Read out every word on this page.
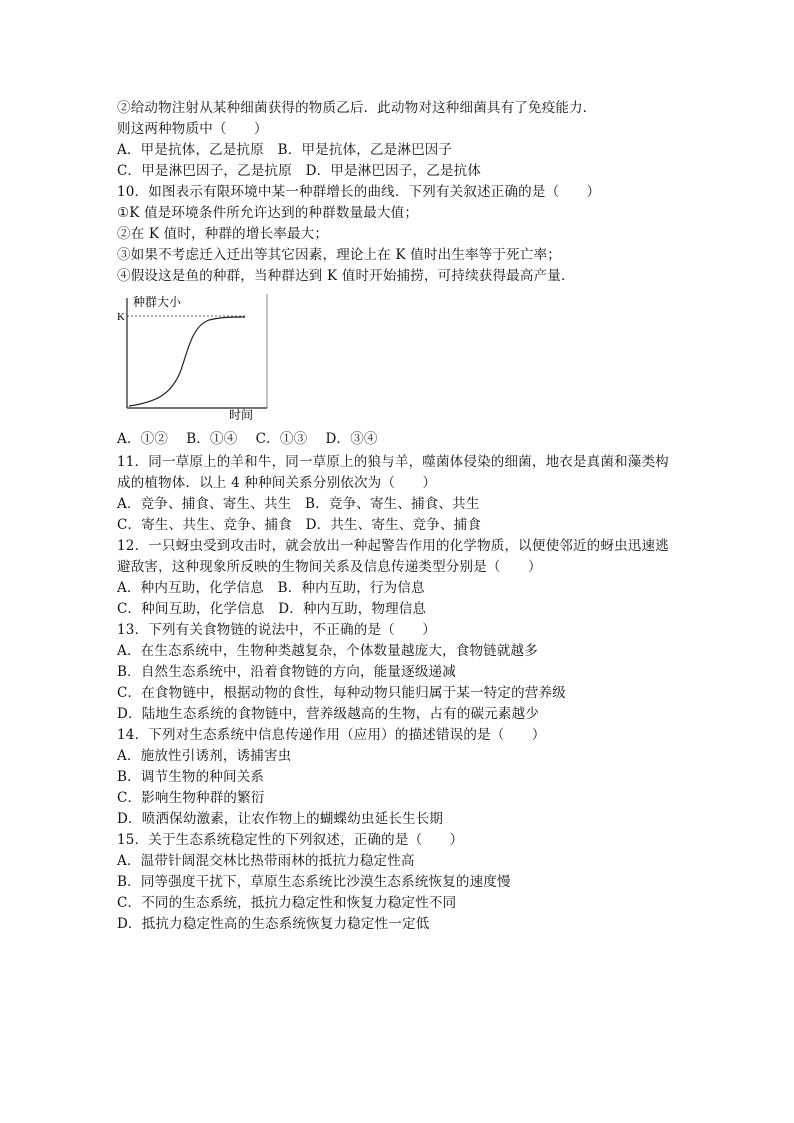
②给动物注射从某种细菌获得的物质乙后．此动物对这种细菌具有了免疫能力．
则这两种物质中（　　）
A．甲是抗体，乙是抗原　B．甲是抗体，乙是淋巴因子
C．甲是淋巴因子，乙是抗原　D．甲是淋巴因子，乙是抗体
10．如图表示有限环境中某一种群增长的曲线．下列有关叙述正确的是（　　）
①K 值是环境条件所允许达到的种群数量最大值；
②在 K 值时，种群的增长率最大；
③如果不考虑迁入迁出等其它因素，理论上在 K 值时出生率等于死亡率；
④假设这是鱼的种群，当种群达到 K 值时开始捕捞，可持续获得最高产量．
种群大小
K
时间
A．①②　 B．①④　 C．①③　 D．③④
11．同一草原上的羊和牛，同一草原上的狼与羊，噬菌体侵染的细菌，地衣是真菌和藻类构
成的植物体．以上 4 种种间关系分别依次为（　　）
A．竞争、捕食、寄生、共生　B．竞争、寄生、捕食、共生
C．寄生、共生、竞争、捕食　D．共生、寄生、竞争、捕食
12．一只蚜虫受到攻击时，就会放出一种起警告作用的化学物质，以便使邻近的蚜虫迅速逃
避敌害，这种现象所反映的生物间关系及信息传递类型分别是（　　）
A．种内互助，化学信息　B．种内互助，行为信息
C．种间互助，化学信息　D．种内互助，物理信息
13．下列有关食物链的说法中，不正确的是（　　）
A．在生态系统中，生物种类越复杂，个体数量越庞大，食物链就越多
B．自然生态系统中，沿着食物链的方向，能量逐级递减
C．在食物链中，根据动物的食性，每种动物只能归属于某一特定的营养级
D．陆地生态系统的食物链中，营养级越高的生物，占有的碳元素越少
14．下列对生态系统中信息传递作用（应用）的描述错误的是（　　）
A．施放性引诱剂，诱捕害虫
B．调节生物的种间关系
C．影响生物种群的繁衍
D．喷洒保幼激素，让农作物上的蝴蝶幼虫延长生长期
15．关于生态系统稳定性的下列叙述，正确的是（　　）
A．温带针阔混交林比热带雨林的抵抗力稳定性高
B．同等强度干扰下，草原生态系统比沙漠生态系统恢复的速度慢
C．不同的生态系统，抵抗力稳定性和恢复力稳定性不同
D．抵抗力稳定性高的生态系统恢复力稳定性一定低
